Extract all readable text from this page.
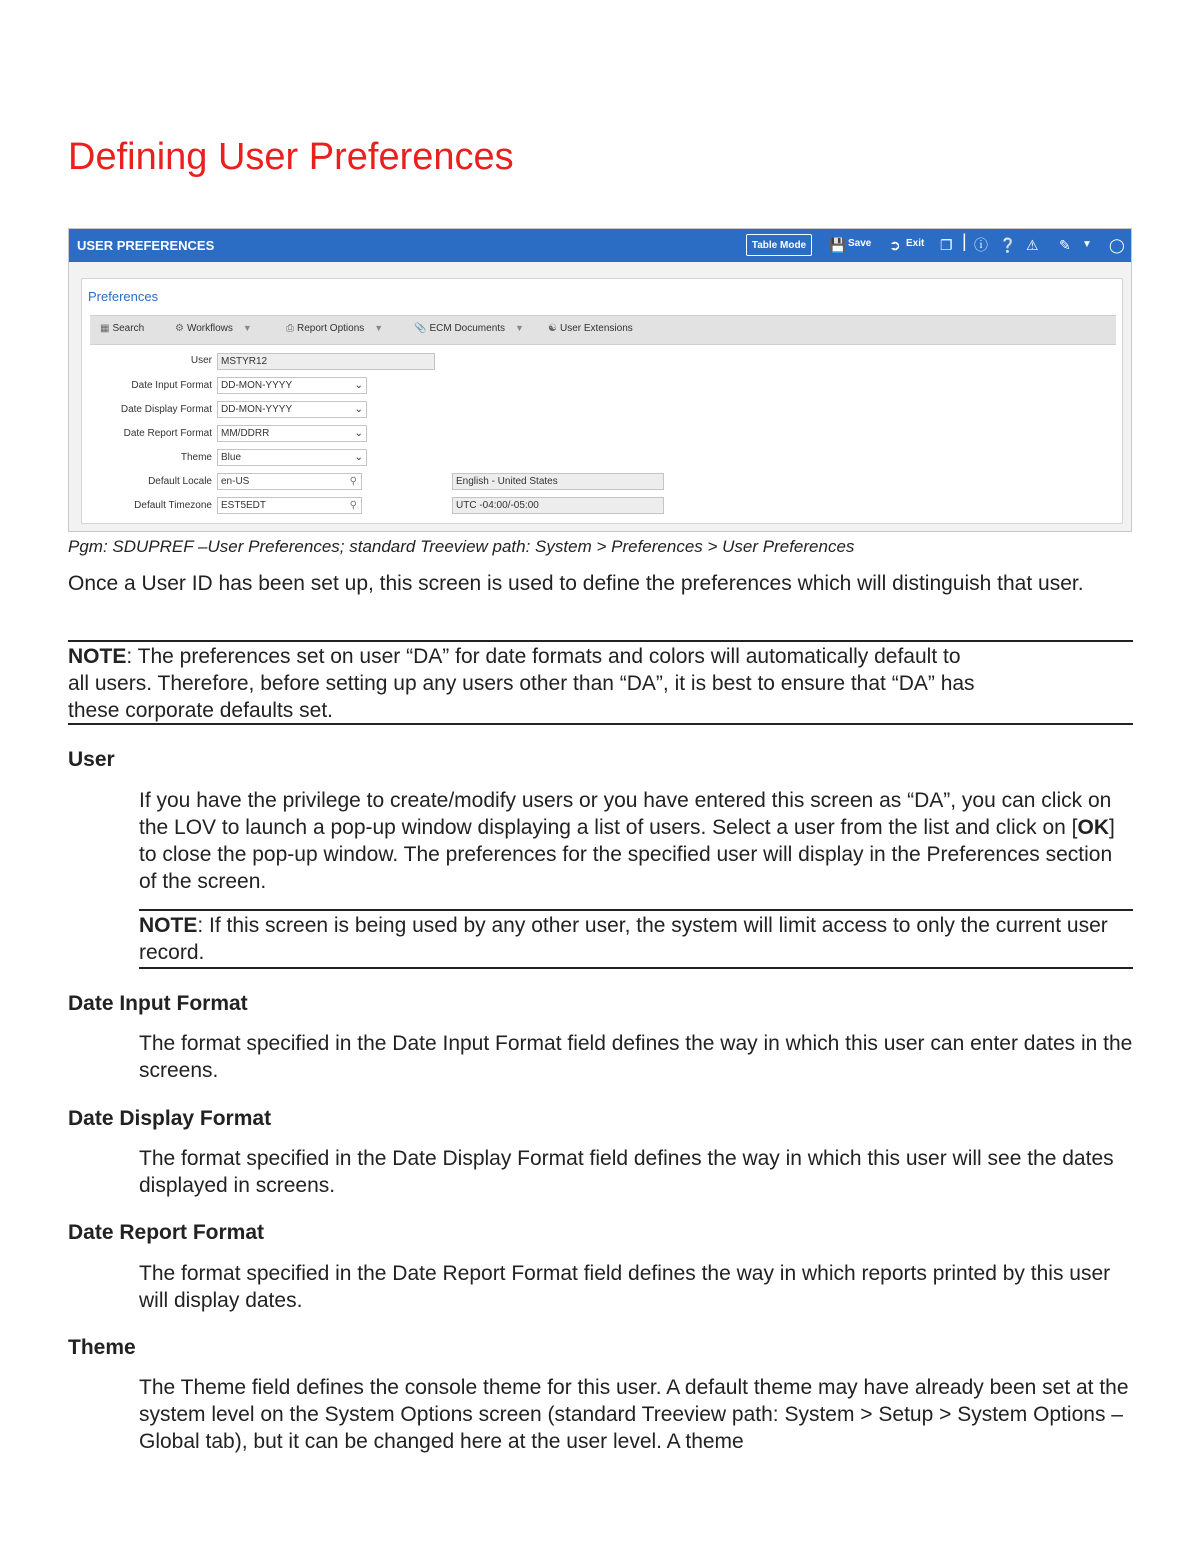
Defining User Preferences
USER PREFERENCES	Table Mode	💾 Save ➲ Exit ❐ | ⓘ ❔ ⚠ ✎ ▼ ◯
Preferences
▦ Search	⚙ Workflows ▼	⎙ Report Options ▼	📎 ECM Documents ▼ ☯ User Extensions
User MSTYR12
Date Input Format DD-MON-YYYY	⌄
Date Display Format DD-MON-YYYY	⌄
Date Report Format MM/DDRR	⌄
Theme Blue	⌄
Default Locale en-US	⚲	English - United States
Default Timezone EST5EDT	⚲	UTC -04:00/-05:00
Pgm: SDUPREF –User Preferences; standard Treeview path: System > Preferences > User Preferences
Once a User ID has been set up, this screen is used to define the preferences which will distinguish that user.
NOTE: The preferences set on user “DA” for date formats and colors will automatically default to
all users. Therefore, before setting up any users other than “DA”, it is best to ensure that “DA” has
these corporate defaults set.
User
If you have the privilege to create/modify users or you have entered this screen as “DA”, you can click on the LOV to launch a pop-up window displaying a list of users. Select a user from the list and click on [OK] to close the pop-up window. The preferences for the specified user will display in the Preferences section of the screen.
NOTE: If this screen is being used by any other user, the system will limit access to only the current user record.
Date Input Format
The format specified in the Date Input Format field defines the way in which this user can enter dates in the screens.
Date Display Format
The format specified in the Date Display Format field defines the way in which this user will see the dates displayed in screens.
Date Report Format
The format specified in the Date Report Format field defines the way in which reports printed by this user will display dates.
Theme
The Theme field defines the console theme for this user. A default theme may have already been set at the system level on the System Options screen (standard Treeview path: System > Setup > System Options – Global tab), but it can be changed here at the user level. A theme
